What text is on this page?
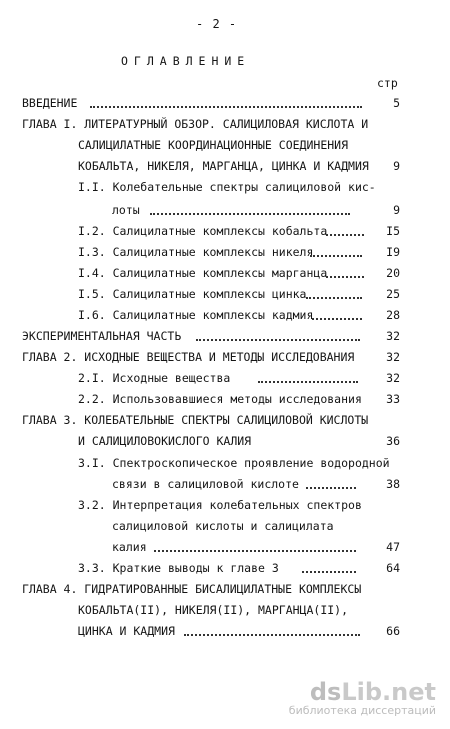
- 2 -
ОГЛАВЛЕНИЕ
стр
ВВЕДЕНИЕ	5
ГЛАВА I. ЛИТЕРАТУРНЫЙ ОБЗОР. САЛИЦИЛОВАЯ КИСЛОТА И
САЛИЦИЛАТНЫЕ КООРДИНАЦИОННЫЕ СОЕДИНЕНИЯ
КОБАЛЬТА, НИКЕЛЯ, МАРГАНЦА, ЦИНКА И КАДМИЯ	9
I.I. Колебательные спектры салициловой кис-
лоты	9
I.2. Салицилатные комплексы кобальта	I5
I.3. Салицилатные комплексы никеля	I9
I.4. Салицилатные комплексы марганца	20
I.5. Салицилатные комплексы цинка	25
I.6. Салицилатные комплексы кадмия	28
ЭКСПЕРИМЕНТАЛЬНАЯ ЧАСТЬ	32
ГЛАВА 2. ИСХОДНЫЕ ВЕЩЕСТВА И МЕТОДЫ ИССЛЕДОВАНИЯ	32
2.I. Исходные вещества	32
2.2. Использовавшиеся методы исследования	33
ГЛАВА 3. КОЛЕБАТЕЛЬНЫЕ СПЕКТРЫ САЛИЦИЛОВОЙ КИСЛОТЫ
И САЛИЦИЛОВОКИСЛОГО КАЛИЯ	36
3.I. Спектроскопическое проявление водородной
связи в салициловой кислоте	38
3.2. Интерпретация колебательных спектров
салициловой кислоты и салицилата
калия	47
3.3. Краткие выводы к главе 3	64
ГЛАВА 4. ГИДРАТИРОВАННЫЕ БИСАЛИЦИЛАТНЫЕ КОМПЛЕКСЫ
КОБАЛЬТА(II), НИКЕЛЯ(II), МАРГАНЦА(II),
ЦИНКА И КАДМИЯ	66
dsLib.net
библиотека диссертаций
